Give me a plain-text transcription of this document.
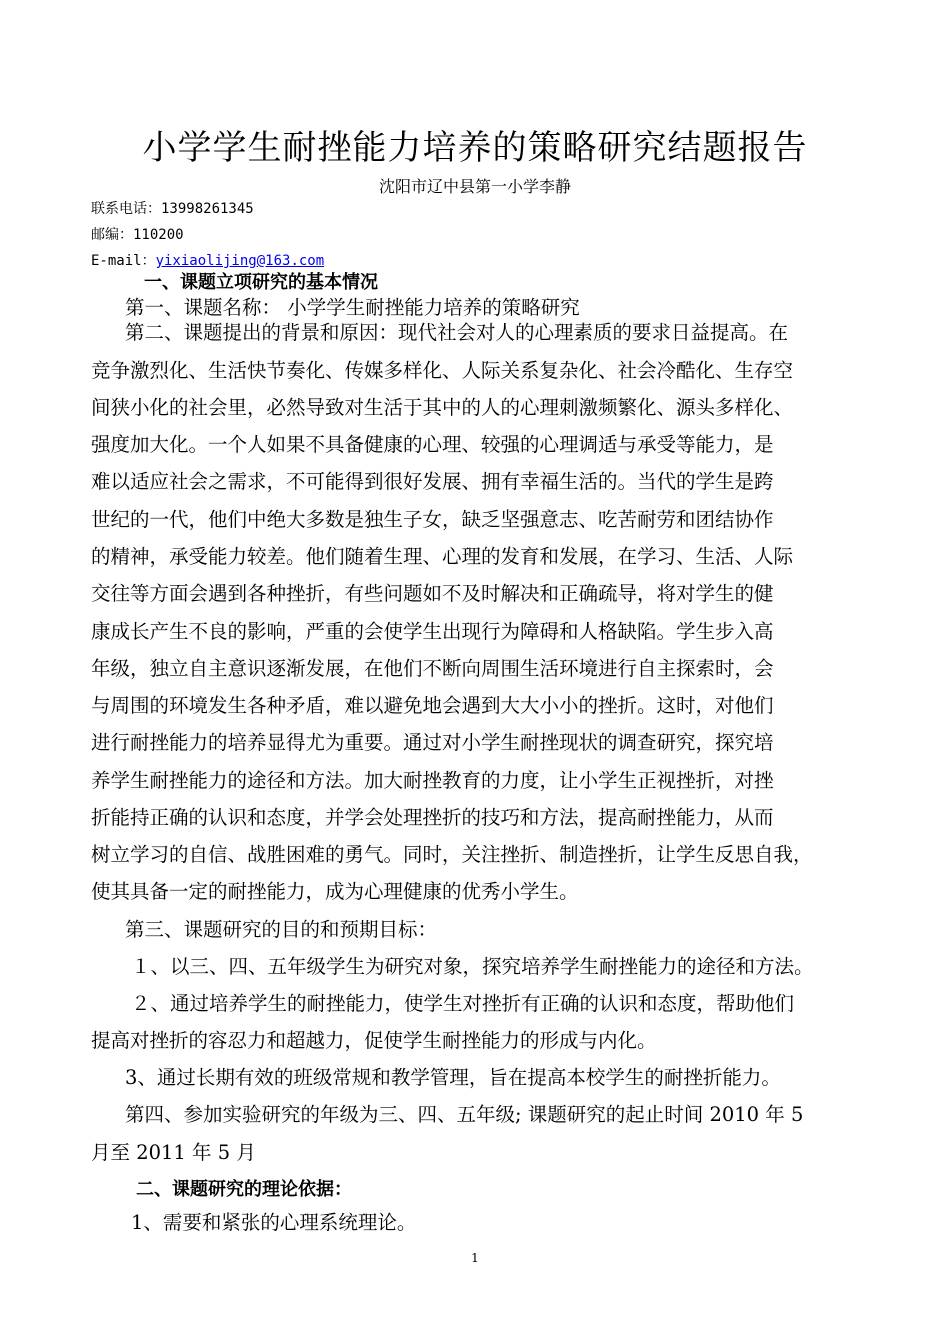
小学学生耐挫能力培养的策略研究结题报告
沈阳市辽中县第一小学李静
联系电话：13998261345
邮编：110200
E-mail：yixiaolijing@163.com
一、课题立项研究的基本情况
第一、课题名称： 小学学生耐挫能力培养的策略研究
第二、课题提出的背景和原因：现代社会对人的心理素质的要求日益提高。在
竞争激烈化、生活快节奏化、传媒多样化、人际关系复杂化、社会冷酷化、生存空
间狭小化的社会里，必然导致对生活于其中的人的心理刺激频繁化、源头多样化、
强度加大化。一个人如果不具备健康的心理、较强的心理调适与承受等能力，是
难以适应社会之需求，不可能得到很好发展、拥有幸福生活的。当代的学生是跨
世纪的一代，他们中绝大多数是独生子女，缺乏坚强意志、吃苦耐劳和团结协作
的精神，承受能力较差。他们随着生理、心理的发育和发展，在学习、生活、人际
交往等方面会遇到各种挫折，有些问题如不及时解决和正确疏导，将对学生的健
康成长产生不良的影响，严重的会使学生出现行为障碍和人格缺陷。学生步入高
年级，独立自主意识逐渐发展，在他们不断向周围生活环境进行自主探索时，会
与周围的环境发生各种矛盾，难以避免地会遇到大大小小的挫折。这时，对他们
进行耐挫能力的培养显得尤为重要。通过对小学生耐挫现状的调查研究，探究培
养学生耐挫能力的途径和方法。加大耐挫教育的力度，让小学生正视挫折，对挫
折能持正确的认识和态度，并学会处理挫折的技巧和方法，提高耐挫能力，从而
树立学习的自信、战胜困难的勇气。同时，关注挫折、制造挫折，让学生反思自我，
使其具备一定的耐挫能力，成为心理健康的优秀小学生。
第三、课题研究的目的和预期目标：
１、以三、四、五年级学生为研究对象，探究培养学生耐挫能力的途径和方法。
２、通过培养学生的耐挫能力，使学生对挫折有正确的认识和态度，帮助他们
提高对挫折的容忍力和超越力，促使学生耐挫能力的形成与内化。
3、通过长期有效的班级常规和教学管理，旨在提高本校学生的耐挫折能力。
第四、参加实验研究的年级为三、四、五年级; 课题研究的起止时间 2010 年 5
月至 2011 年 5 月
二、课题研究的理论依据：
1、需要和紧张的心理系统理论。
1
